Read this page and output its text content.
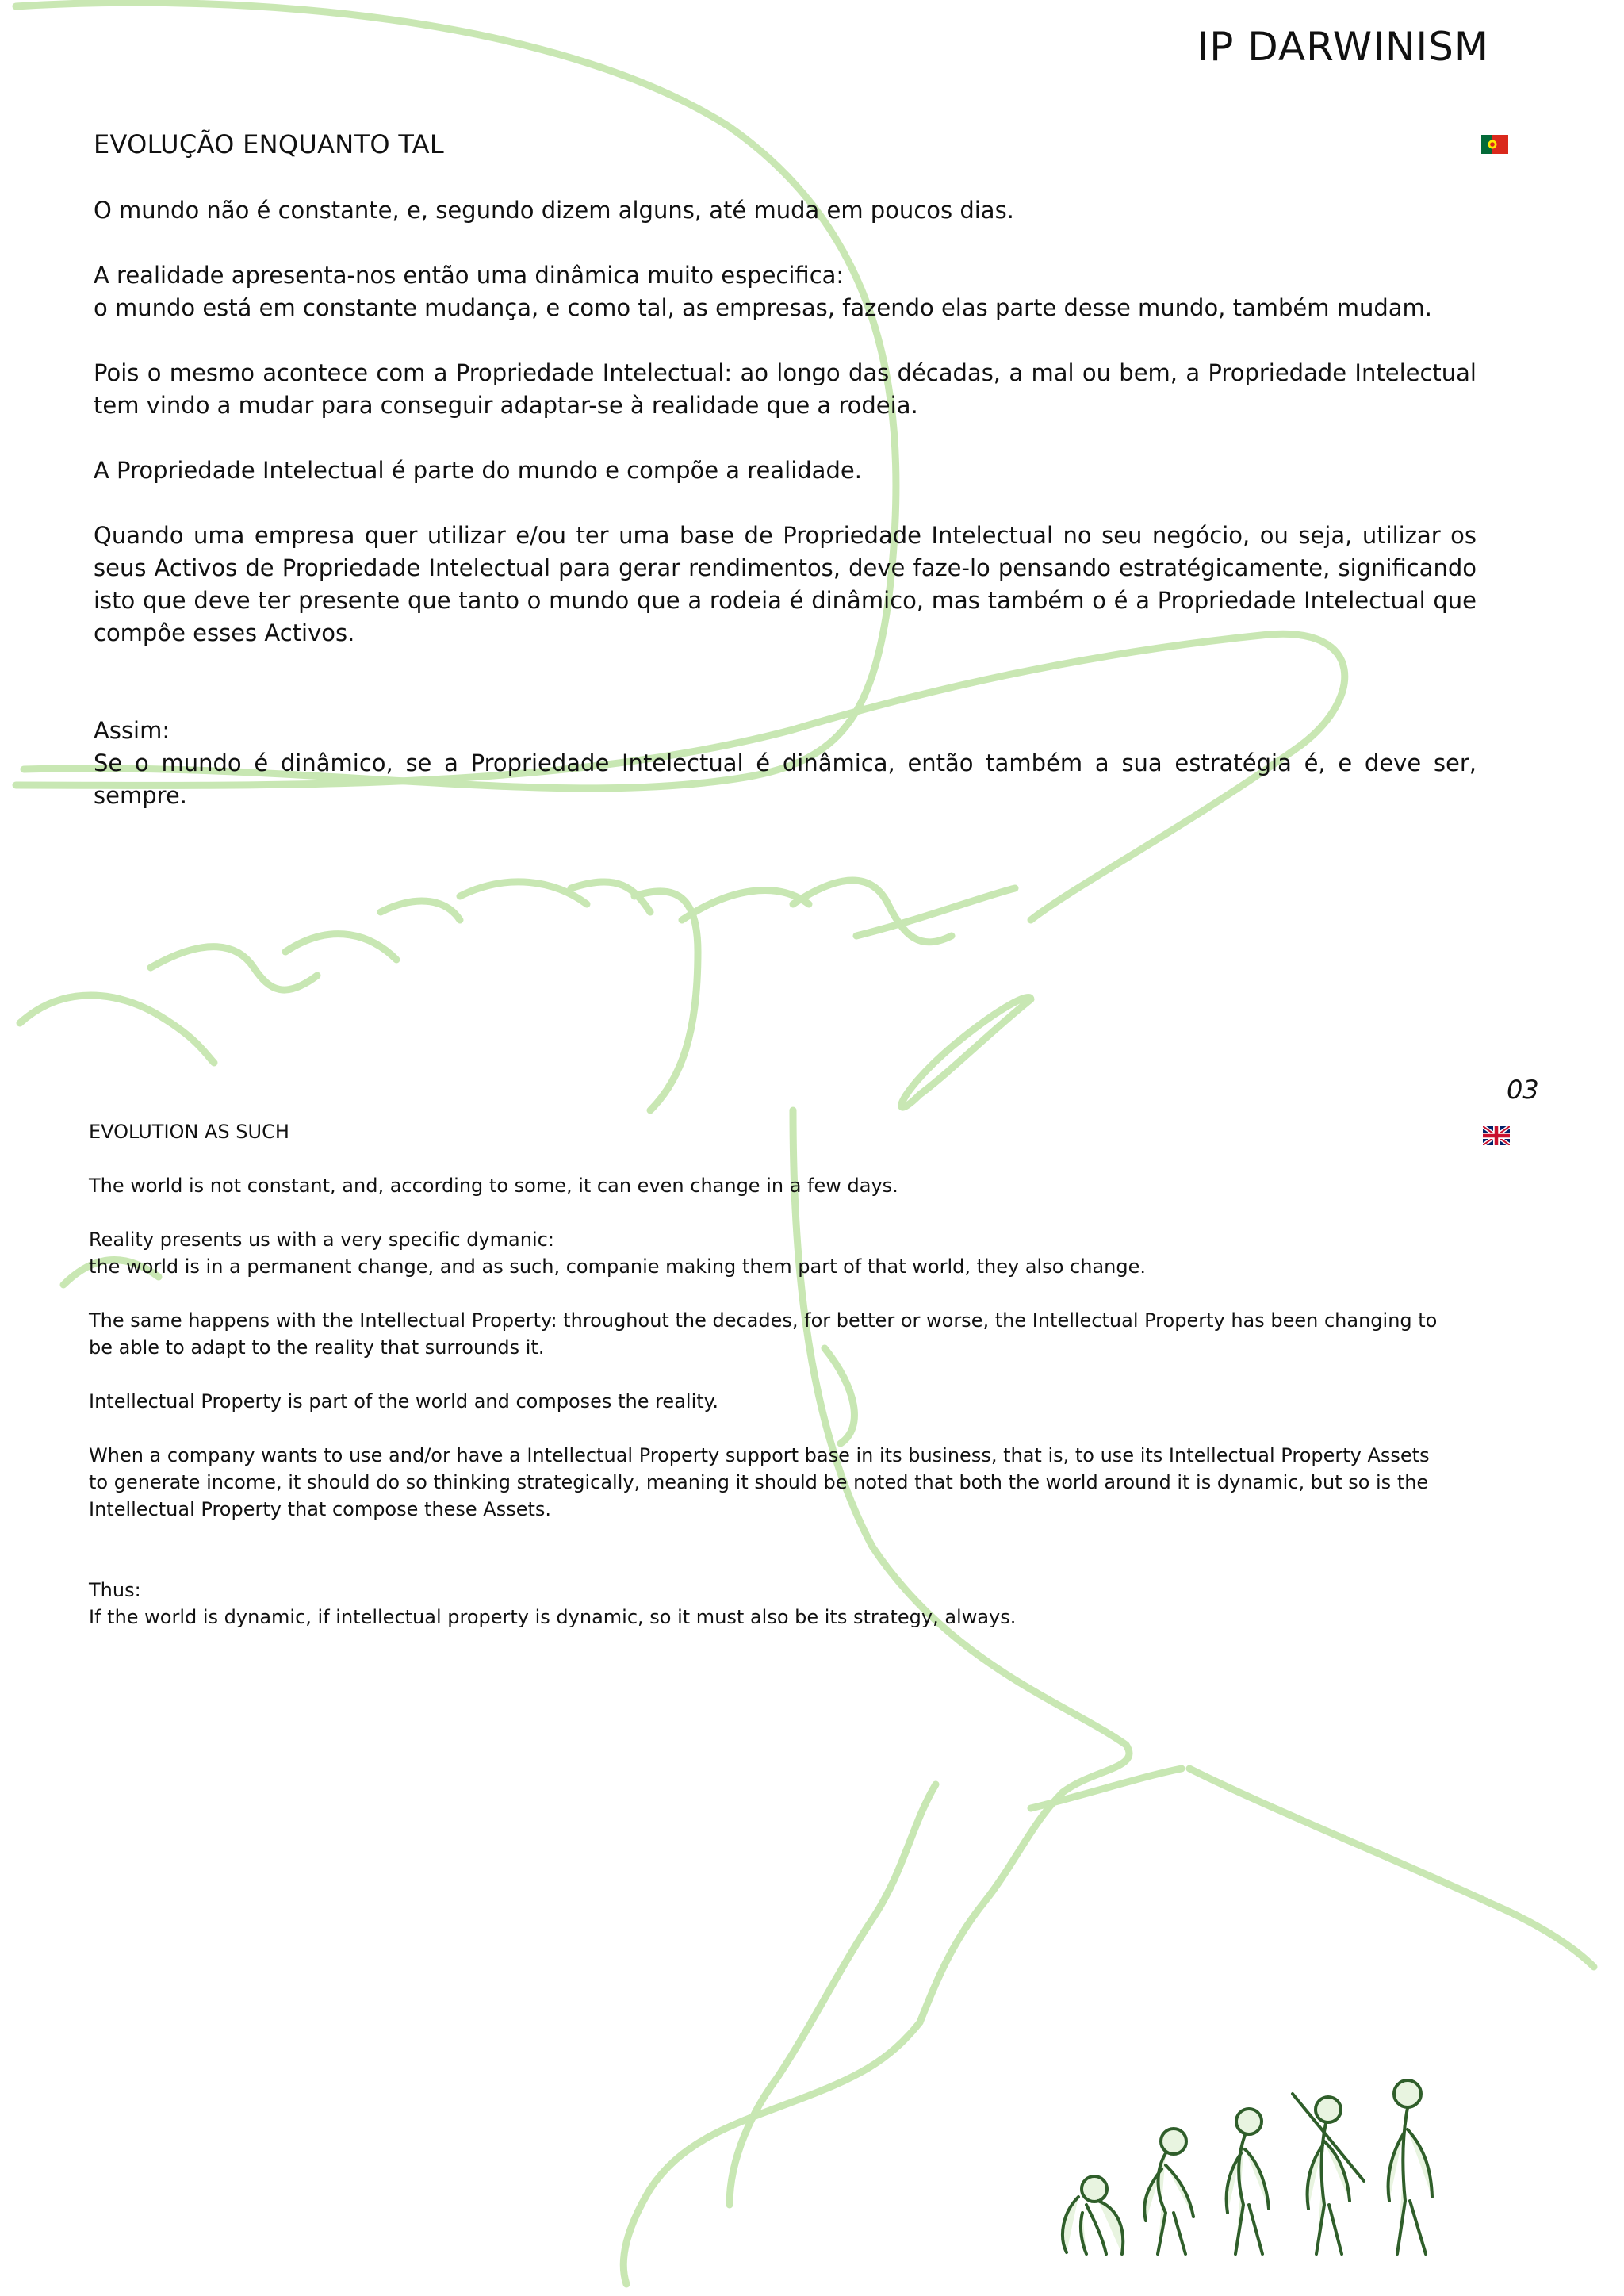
IP DARWINISM
EVOLUÇÃO ENQUANTO TAL

O mundo não é constante, e, segundo dizem alguns, até muda em poucos dias.

A realidade apresenta-nos então uma dinâmica muito especifica:
o mundo está em constante mudança, e como tal, as empresas, fazendo elas parte desse mundo, também mudam.

Pois o mesmo acontece com a Propriedade Intelectual: ao longo das décadas, a mal ou bem, a Propriedade Intelectual tem vindo a mudar para conseguir adaptar-se à realidade que a rodeia.

A Propriedade Intelectual é parte do mundo e compõe a realidade.

Quando uma empresa quer utilizar e/ou ter uma base de Propriedade Intelectual no seu negócio, ou seja, utilizar os seus Activos de Propriedade Intelectual para gerar rendimentos, deve faze-lo pensando estratégicamente, significando isto que deve ter presente que tanto o mundo que a rodeia é dinâmico, mas também o é a Propriedade Intelectual que compôe esses Activos.

Assim:
Se o mundo é dinâmico, se a Propriedade Intelectual é dinâmica, então também a sua estratégia é, e deve ser, sempre.

03
EVOLUTION AS SUCH

The world is not constant, and, according to some, it can even change in a few days.

Reality presents us with a very specific dymanic:
the world is in a permanent change, and as such, companie making them part of that world, they also change.

The same happens with the Intellectual Property: throughout the decades, for better or worse, the Intellectual Property has been changing to be able to adapt to the reality that surrounds it.

Intellectual Property is part of the world and composes the reality.

When a company wants to use and/or have a Intellectual Property support base in its business, that is, to use its Intellectual Property Assets to generate income, it should do so thinking strategically, meaning it should be noted that both the world around it is dynamic, but so is the Intellectual Property that compose these Assets.

Thus:
If the world is dynamic, if intellectual property is dynamic, so it must also be its strategy, always.
